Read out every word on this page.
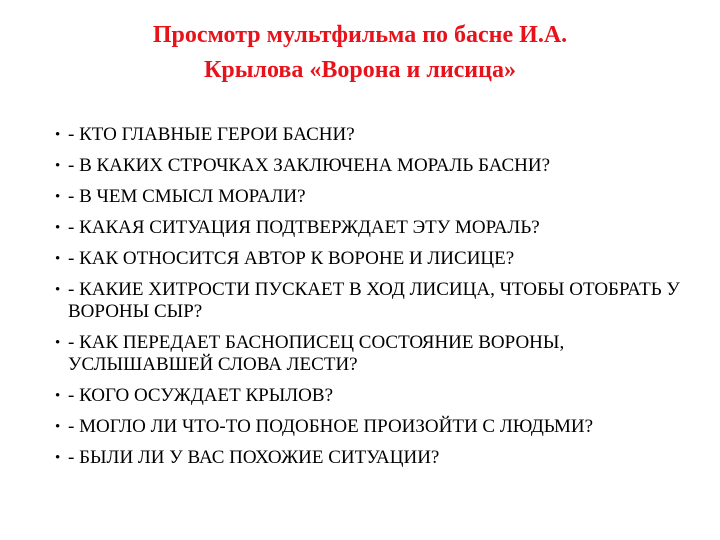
Просмотр мультфильма по басне И.А.
Крылова «Ворона и лисица»
• - КТО ГЛАВНЫЕ ГЕРОИ БАСНИ?
• - В КАКИХ СТРОЧКАХ ЗАКЛЮЧЕНА МОРАЛЬ БАСНИ?
• - В ЧЕМ СМЫСЛ МОРАЛИ?
• - КАКАЯ СИТУАЦИЯ ПОДТВЕРЖДАЕТ ЭТУ МОРАЛЬ?
• - КАК ОТНОСИТСЯ АВТОР К ВОРОНЕ И ЛИСИЦЕ?
• - КАКИЕ ХИТРОСТИ ПУСКАЕТ В ХОД ЛИСИЦА, ЧТОБЫ ОТОБРАТЬ У ВОРОНЫ СЫР?
• - КАК ПЕРЕДАЕТ БАСНОПИСЕЦ СОСТОЯНИЕ ВОРОНЫ, УСЛЫШАВШЕЙ СЛОВА ЛЕСТИ?
• - КОГО ОСУЖДАЕТ КРЫЛОВ?
• - МОГЛО ЛИ ЧТО-ТО ПОДОБНОЕ ПРОИЗОЙТИ С ЛЮДЬМИ?
• - БЫЛИ ЛИ У ВАС ПОХОЖИЕ СИТУАЦИИ?
